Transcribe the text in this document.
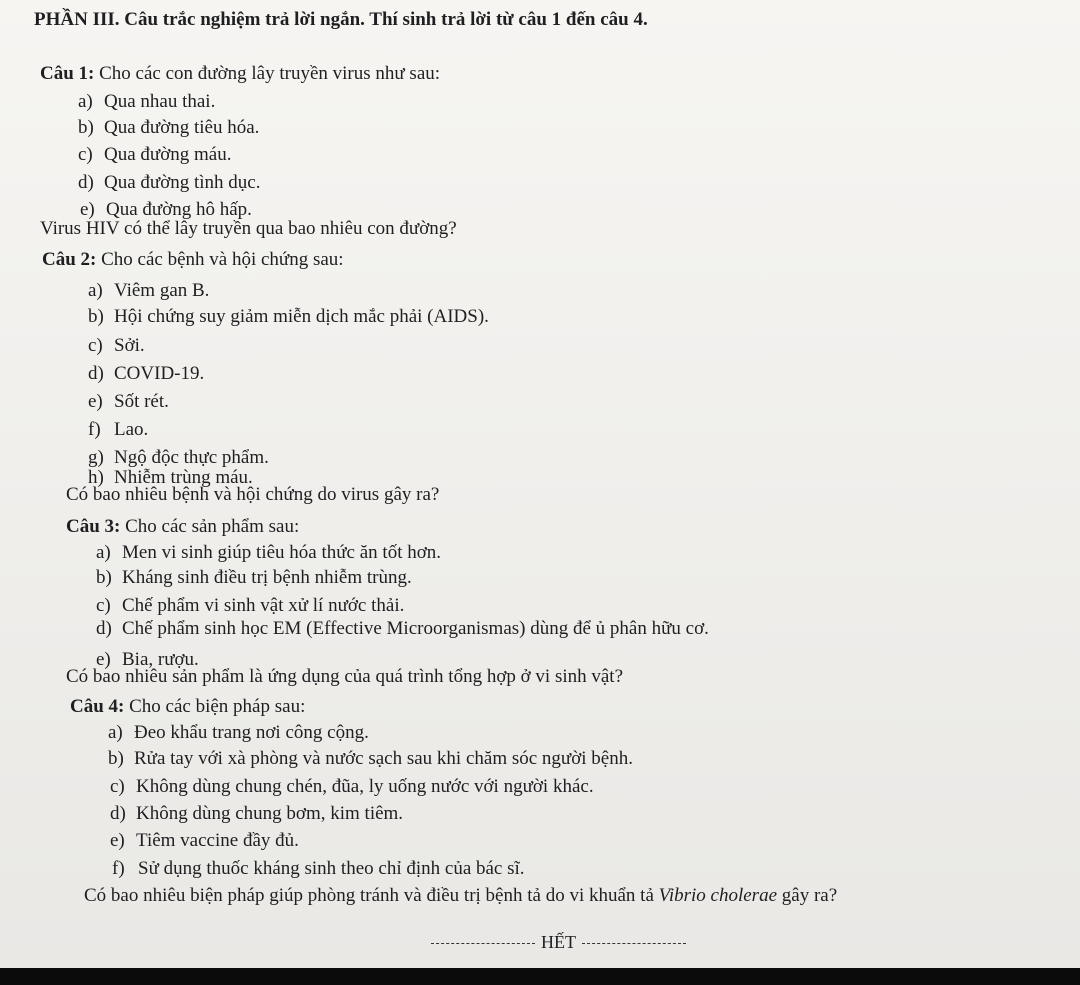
PHẦN III. Câu trắc nghiệm trả lời ngắn. Thí sinh trả lời từ câu 1 đến câu 4.
Câu 1: Cho các con đường lây truyền virus như sau:
a) Qua nhau thai.
b) Qua đường tiêu hóa.
c) Qua đường máu.
d) Qua đường tình dục.
e) Qua đường hô hấp.
Virus HIV có thể lây truyền qua bao nhiêu con đường?
Câu 2: Cho các bệnh và hội chứng sau:
a) Viêm gan B.
b) Hội chứng suy giảm miễn dịch mắc phải (AIDS).
c) Sởi.
d) COVID-19.
e) Sốt rét.
f) Lao.
g) Ngộ độc thực phẩm.
h) Nhiễm trùng máu.
Có bao nhiêu bệnh và hội chứng do virus gây ra?
Câu 3: Cho các sản phẩm sau:
a) Men vi sinh giúp tiêu hóa thức ăn tốt hơn.
b) Kháng sinh điều trị bệnh nhiễm trùng.
c) Chế phẩm vi sinh vật xử lí nước thải.
d) Chế phẩm sinh học EM (Effective Microorganismas) dùng để ủ phân hữu cơ.
e) Bia, rượu.
Có bao nhiêu sản phẩm là ứng dụng của quá trình tổng hợp ở vi sinh vật?
Câu 4: Cho các biện pháp sau:
a) Đeo khẩu trang nơi công cộng.
b) Rửa tay với xà phòng và nước sạch sau khi chăm sóc người bệnh.
c) Không dùng chung chén, đũa, ly uống nước với người khác.
d) Không dùng chung bơm, kim tiêm.
e) Tiêm vaccine đầy đủ.
f) Sử dụng thuốc kháng sinh theo chỉ định của bác sĩ.
Có bao nhiêu biện pháp giúp phòng tránh và điều trị bệnh tả do vi khuẩn tả Vibrio cholerae gây ra?
HẾT
